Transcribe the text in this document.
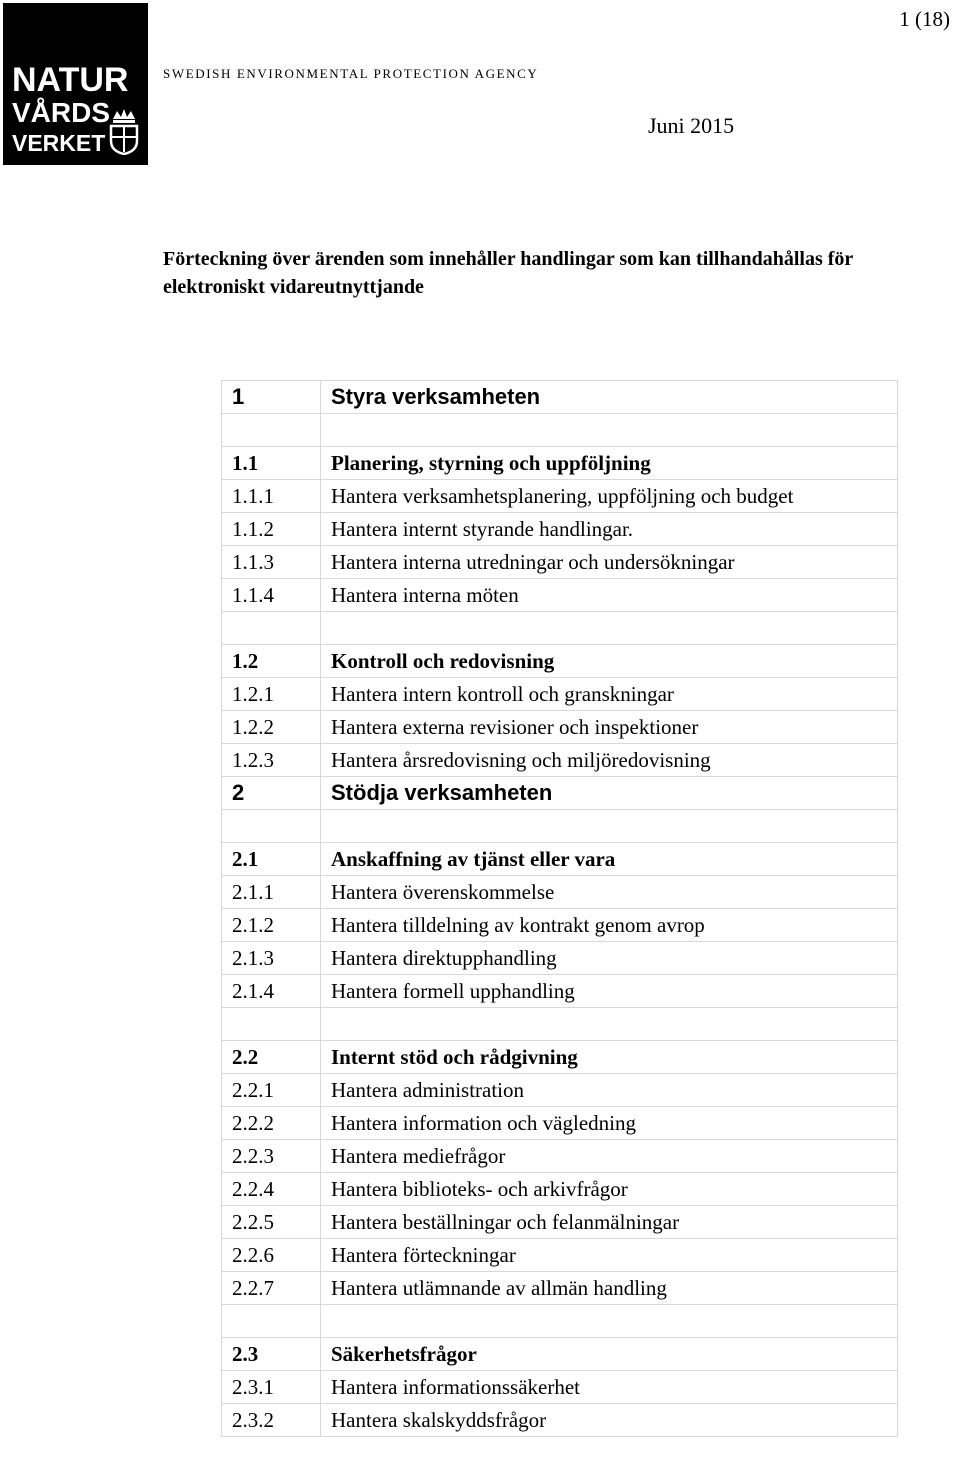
NATUR
VÅRDS
VERKET
SWEDISH ENVIRONMENTAL PROTECTION AGENCY
1 (18)
Juni 2015
Förteckning över ärenden som innehåller handlingar som kan tillhandahållas för elektroniskt vidareutnyttjande
1	Styra verksamheten

1.1	Planering, styrning och uppföljning
1.1.1	Hantera verksamhetsplanering, uppföljning och budget
1.1.2	Hantera internt styrande handlingar.
1.1.3	Hantera interna utredningar och undersökningar
1.1.4	Hantera interna möten

1.2	Kontroll och redovisning
1.2.1	Hantera intern kontroll och granskningar
1.2.2	Hantera externa revisioner och inspektioner
1.2.3	Hantera årsredovisning och miljöredovisning
2	Stödja verksamheten

2.1	Anskaffning av tjänst eller vara
2.1.1	Hantera överenskommelse
2.1.2	Hantera tilldelning av kontrakt genom avrop
2.1.3	Hantera direktupphandling
2.1.4	Hantera formell upphandling

2.2	Internt stöd och rådgivning
2.2.1	Hantera administration
2.2.2	Hantera information och vägledning
2.2.3	Hantera mediefrågor
2.2.4	Hantera biblioteks- och arkivfrågor
2.2.5	Hantera beställningar och felanmälningar
2.2.6	Hantera förteckningar
2.2.7	Hantera utlämnande av allmän handling

2.3	Säkerhetsfrågor
2.3.1	Hantera informationssäkerhet
2.3.2	Hantera skalskyddsfrågor
